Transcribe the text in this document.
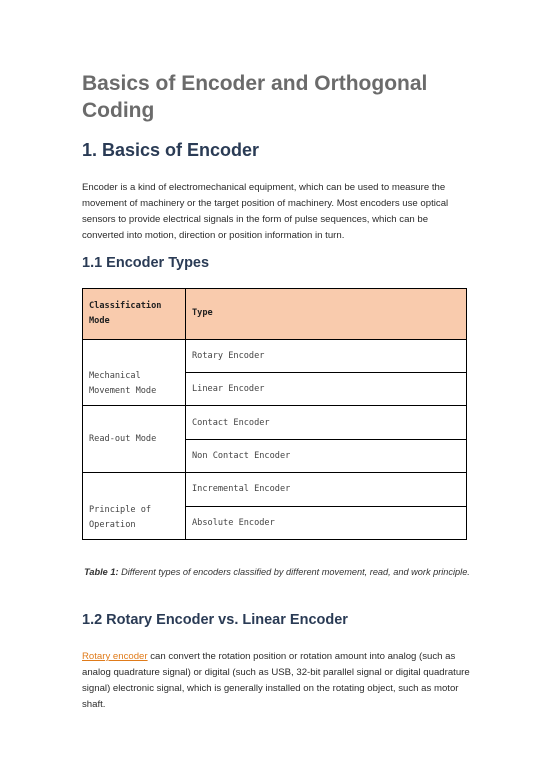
Basics of Encoder and Orthogonal Coding
1. Basics of Encoder
Encoder is a kind of electromechanical equipment, which can be used to measure the movement of machinery or the target position of machinery. Most encoders use optical sensors to provide electrical signals in the form of pulse sequences, which can be converted into motion, direction or position information in turn.
1.1 Encoder Types
Classification Mode	Type
Mechanical Movement Mode	Rotary Encoder
	Linear Encoder
Read-out Mode	Contact Encoder
	Non Contact Encoder
Principle of Operation	Incremental Encoder
	Absolute Encoder
Table 1: Different types of encoders classified by different movement, read, and work principle.
1.2 Rotary Encoder vs. Linear Encoder
Rotary encoder can convert the rotation position or rotation amount into analog (such as analog quadrature signal) or digital (such as USB, 32-bit parallel signal or digital quadrature signal) electronic signal, which is generally installed on the rotating object, such as motor shaft.
